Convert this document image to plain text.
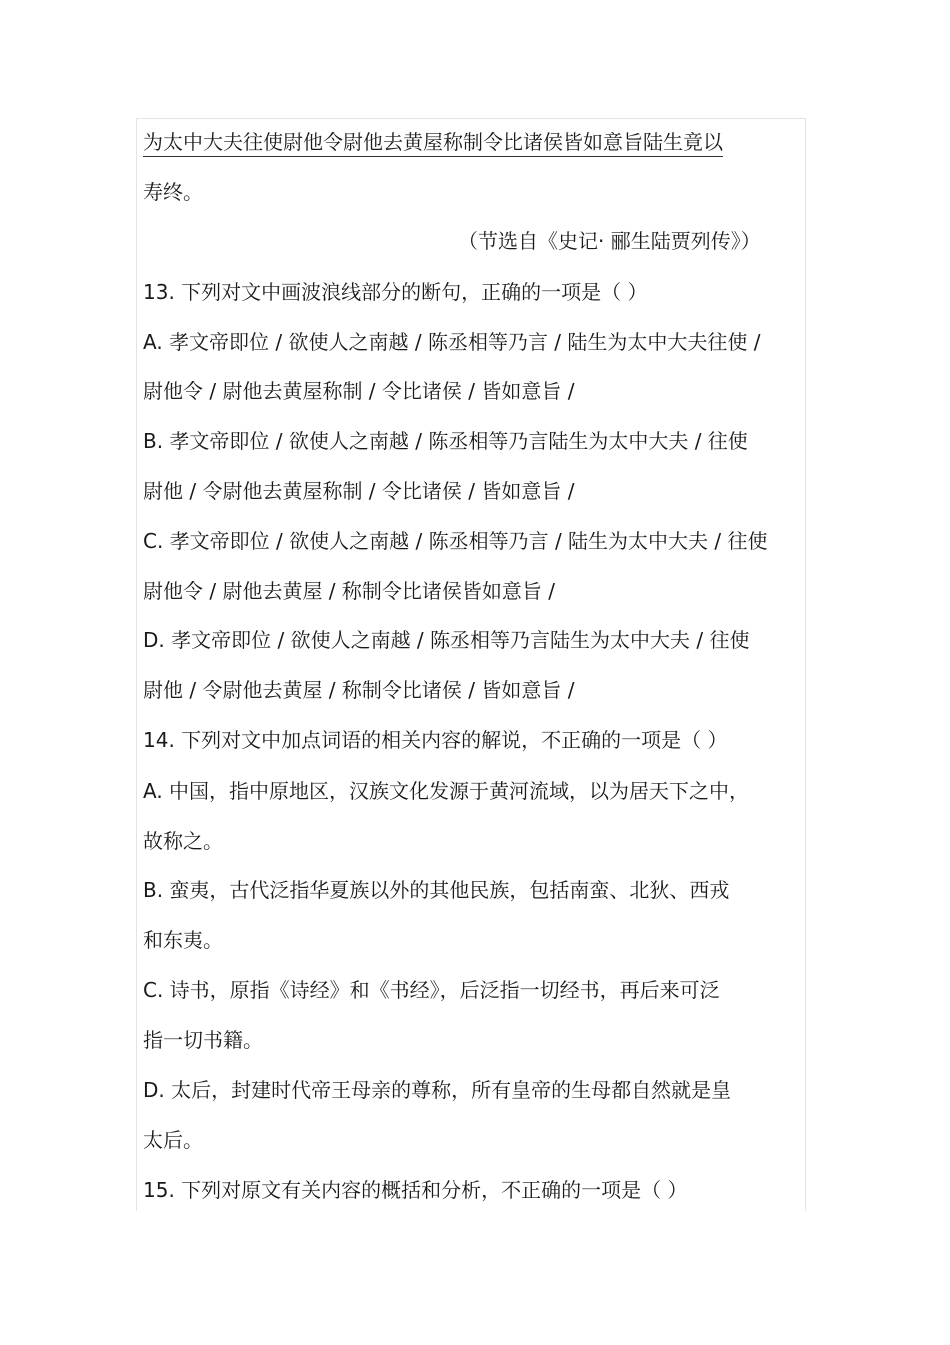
为太中大夫往使尉他令尉他去黄屋称制令比诸侯皆如意旨陆生竟以
寿终。
（节选自《史记· 郦生陆贾列传》）
13. 下列对文中画波浪线部分的断句，正确的一项是（ ）
A. 孝文帝即位 / 欲使人之南越 / 陈丞相等乃言 / 陆生为太中大夫往使 /
尉他令 / 尉他去黄屋称制 / 令比诸侯 / 皆如意旨 /
B. 孝文帝即位 / 欲使人之南越 / 陈丞相等乃言陆生为太中大夫 / 往使
尉他 / 令尉他去黄屋称制 / 令比诸侯 / 皆如意旨 /
C. 孝文帝即位 / 欲使人之南越 / 陈丞相等乃言 / 陆生为太中大夫 / 往使
尉他令 / 尉他去黄屋 / 称制令比诸侯皆如意旨 /
D. 孝文帝即位 / 欲使人之南越 / 陈丞相等乃言陆生为太中大夫 / 往使
尉他 / 令尉他去黄屋 / 称制令比诸侯 / 皆如意旨 /
14. 下列对文中加点词语的相关内容的解说，不正确的一项是（ ）
A. 中国，指中原地区，汉族文化发源于黄河流域，以为居天下之中，
故称之。
B. 蛮夷，古代泛指华夏族以外的其他民族，包括南蛮、北狄、西戎
和东夷。
C. 诗书，原指《诗经》和《书经》，后泛指一切经书，再后来可泛
指一切书籍。
D. 太后，封建时代帝王母亲的尊称，所有皇帝的生母都自然就是皇
太后。
15. 下列对原文有关内容的概括和分析，不正确的一项是（ ）
